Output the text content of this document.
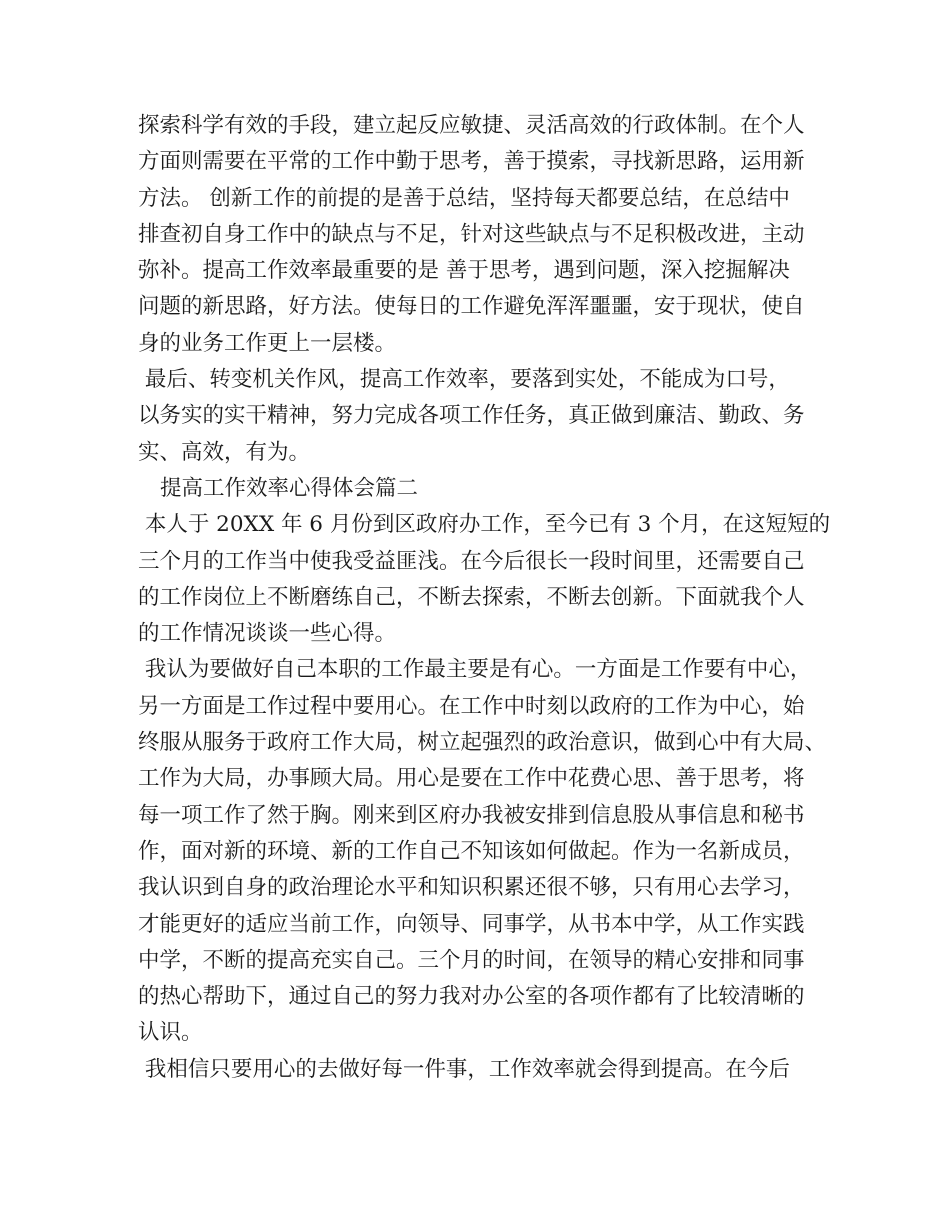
探索科学有效的手段，建立起反应敏捷、灵活高效的行政体制。在个人
方面则需要在平常的工作中勤于思考，善于摸索，寻找新思路，运用新
方法。 创新工作的前提的是善于总结，坚持每天都要总结，在总结中
排查初自身工作中的缺点与不足，针对这些缺点与不足积极改进，主动
弥补。提高工作效率最重要的是 善于思考，遇到问题，深入挖掘解决
问题的新思路，好方法。使每日的工作避免浑浑噩噩，安于现状，使自
身的业务工作更上一层楼。
最后、转变机关作风，提高工作效率，要落到实处，不能成为口号，
以务实的实干精神，努力完成各项工作任务，真正做到廉洁、勤政、务
实、高效，有为。
提高工作效率心得体会篇二
本人于 20XX 年 6 月份到区政府办工作，至今已有 3 个月，在这短短的
三个月的工作当中使我受益匪浅。在今后很长一段时间里，还需要自己
的工作岗位上不断磨练自己，不断去探索，不断去创新。下面就我个人
的工作情况谈谈一些心得。
我认为要做好自己本职的工作最主要是有心。一方面是工作要有中心，
另一方面是工作过程中要用心。在工作中时刻以政府的工作为中心，始
终服从服务于政府工作大局，树立起强烈的政治意识，做到心中有大局、
工作为大局，办事顾大局。用心是要在工作中花费心思、善于思考，将
每一项工作了然于胸。刚来到区府办我被安排到信息股从事信息和秘书
作，面对新的环境、新的工作自己不知该如何做起。作为一名新成员，
我认识到自身的政治理论水平和知识积累还很不够，只有用心去学习，
才能更好的适应当前工作，向领导、同事学，从书本中学，从工作实践
中学，不断的提高充实自己。三个月的时间，在领导的精心安排和同事
的热心帮助下，通过自己的努力我对办公室的各项作都有了比较清晰的
认识。
我相信只要用心的去做好每一件事，工作效率就会得到提高。在今后
